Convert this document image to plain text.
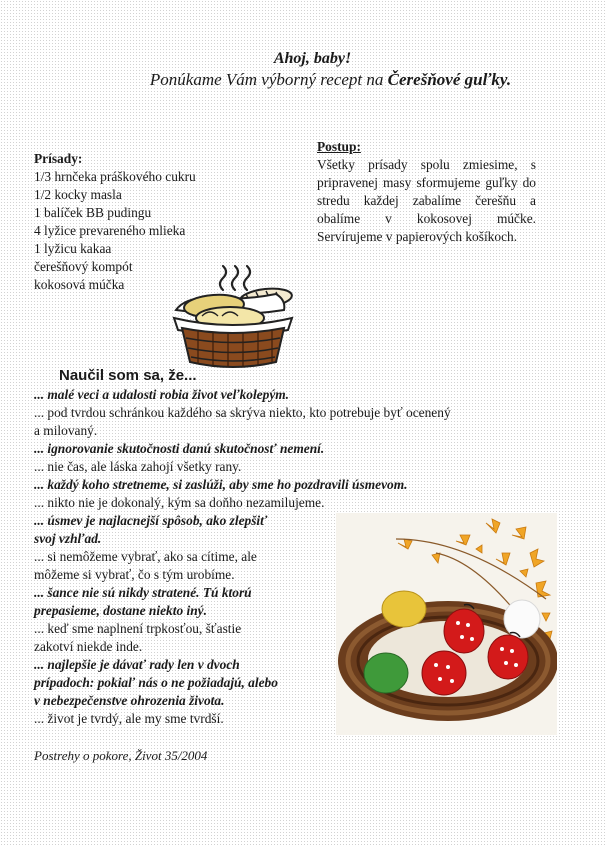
Ahoj, baby!
Ponúkame Vám výborný recept na Čerešňové guľky.
Prísady:
1/3 hrnčeka práškového cukru
1/2 kocky masla
1 balíček BB pudingu
4 lyžice prevareného mlieka
1 lyžicu kakaa
čerešňový kompót
kokosová múčka
Postup:
Všetky prísady spolu zmiesime, s pripravenej masy sformujeme guľky do stredu každej zabalíme čerešňu a obalíme v kokosovej múčke. Servírujeme v papierových košíkoch.
Naučil som sa, že...
... malé veci a udalosti robia život veľkolepým.
... pod tvrdou schránkou každého sa skrýva niekto, kto potrebuje byť ocenený
a milovaný.
... ignorovanie skutočnosti danú skutočnosť nemení.
... nie čas, ale láska zahojí všetky rany.
... každý koho stretneme, si zaslúži, aby sme ho pozdravili úsmevom.
... nikto nie je dokonalý, kým sa doňho nezamilujeme.
... úsmev je najlacnejší spôsob, ako zlepšiť
svoj vzhľad.
... si nemôžeme vybrať, ako sa cítime, ale
môžeme si vybrať, čo s tým urobíme.
... šance nie sú nikdy stratené. Tú ktorú
prepasieme, dostane niekto iný.
... keď sme naplnení trpkosťou, šťastie
zakotví niekde inde.
... najlepšie je dávať rady len v dvoch
prípadoch: pokiaľ nás o ne požiadajú, alebo
v nebezpečenstve ohrozenia života.
... život je tvrdý, ale my sme tvrdší.
Postrehy o pokore, Život 35/2004
